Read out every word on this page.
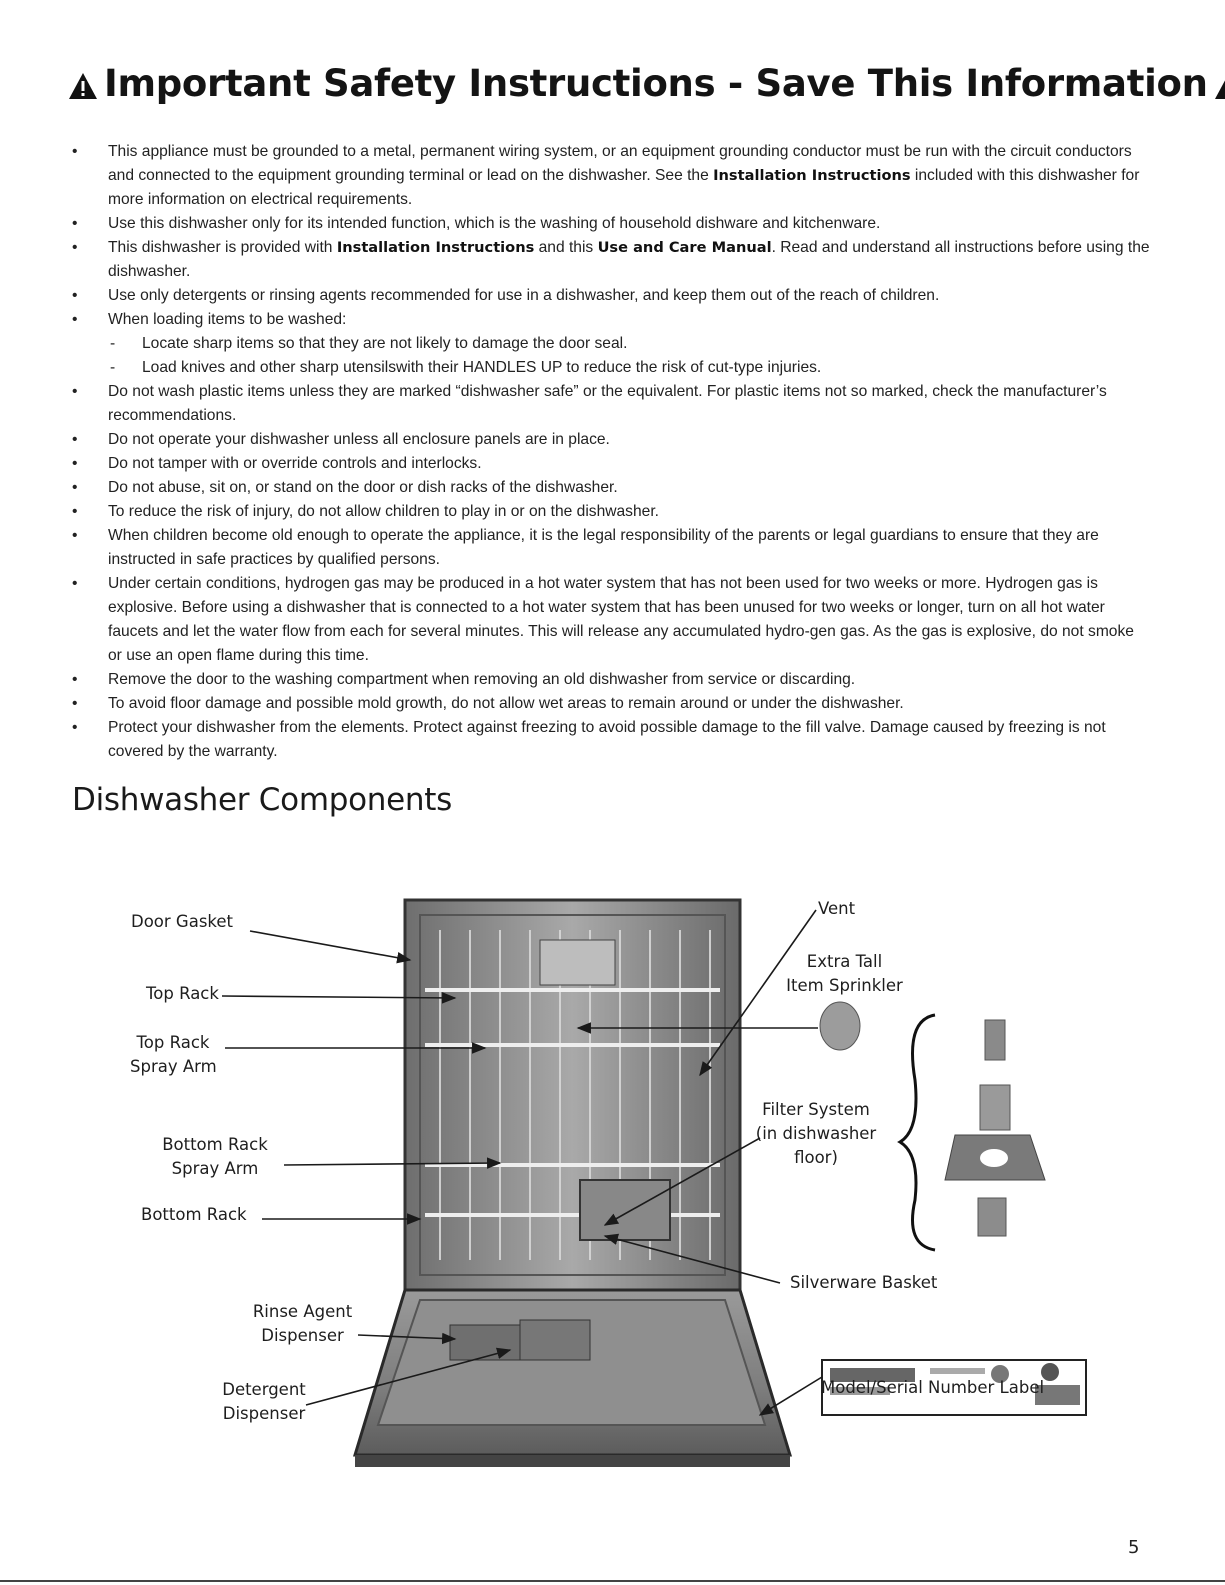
Important Safety Instructions - Save This Information
• This appliance must be grounded to a metal, permanent wiring system, or an equipment grounding conductor must be run with the circuit conductors and connected to the equipment grounding terminal or lead on the dishwasher. See the Installation Instructions included with this dishwasher for more information on electrical requirements.
• Use this dishwasher only for its intended function, which is the washing of household dishware and kitchenware.
• This dishwasher is provided with Installation Instructions and this Use and Care Manual. Read and understand all instructions before using the dishwasher.
• Use only detergents or rinsing agents recommended for use in a dishwasher, and keep them out of the reach of children.
• When loading items to be washed:
- Locate sharp items so that they are not likely to damage the door seal.
- Load knives and other sharp utensilswith their HANDLES UP to reduce the risk of cut-type injuries.
• Do not wash plastic items unless they are marked “dishwasher safe” or the equivalent. For plastic items not so marked, check the manufacturer’s recommendations.
• Do not operate your dishwasher unless all enclosure panels are in place.
• Do not tamper with or override controls and interlocks.
• Do not abuse, sit on, or stand on the door or dish racks of the dishwasher.
• To reduce the risk of injury, do not allow children to play in or on the dishwasher.
• When children become old enough to operate the appliance, it is the legal responsibility of the parents or legal guardians to ensure that they are instructed in safe practices by qualified persons.
• Under certain conditions, hydrogen gas may be produced in a hot water system that has not been used for two weeks or more. Hydrogen gas is explosive. Before using a dishwasher that is connected to a hot water system that has been unused for two weeks or longer, turn on all hot water faucets and let the water flow from each for several minutes. This will release any accumulated hydro-gen gas. As the gas is explosive, do not smoke or use an open flame during this time.
• Remove the door to the washing compartment when removing an old dishwasher from service or discarding.
• To avoid floor damage and possible mold growth, do not allow wet areas to remain around or under the dishwasher.
• Protect your dishwasher from the elements. Protect against freezing to avoid possible damage to the fill valve. Damage caused by freezing is not covered by the warranty.
Dishwasher Components
Door Gasket
Top Rack
Top Rack
Spray Arm
Bottom Rack
Spray Arm
Bottom Rack
Rinse Agent
Dispenser
Detergent
Dispenser
Vent
Extra Tall
Item Sprinkler
Filter System
(in dishwasher
floor)
Silverware Basket
Model/Serial Number Label
5
